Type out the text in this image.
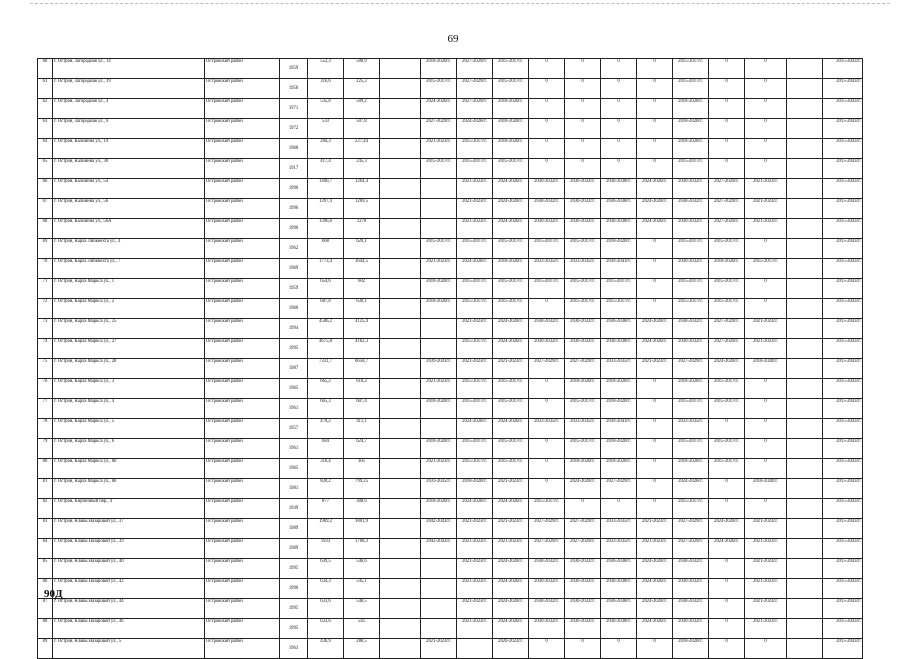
69
60	г. Остров, Загородная ул., 14	Островский район	1959	552,3	500,9		2018-2020гг.	2027-2029гг.	2015-2017гг.	0	0	0	0	2015-2017гг.	0	0		2015-2043гг.
61	г. Остров, Загородная ул., 19	Островский район	1958	316,6	225,3		2015-2017гг.	2027-2029гг.	2015-2017гг.	0	0	0	0	2015-2017гг.	0	0		2015-2043гг.
62	г. Остров, Загородная ул., 4	Островский район	1971	535,8	509,2		2024-2026гг.	2027-2029гг.	2018-2020гг.	0	0	0	0	2018-2020гг.	0	0		2015-2043гг.
63	г. Остров, Загородная ул., 6	Островский район	1972	533	507,8		2027-2029гг.	2024-2026гг.	2018-2020гг.	0	0	0	0	2018-2020гг.	0	0		2015-2043гг.
64	г. Остров, Калинина ул., 14	Островский район	1968	284,3	227,44		2021-2023гг.	2015-2017гг.	2018-2020гг.	0	0	0	0	2018-2020гг.	0	0		2015-2043гг.
65	г. Остров, Калинина ул., 30	Островский район	1917	417,4	245,3		2015-2017гг.	2015-2017гг.	2015-2017гг.	0	0	0	0	2015-2017гг.	0	0		2015-2043гг.
66	г. Остров, Калинина ул., 54	Островский район	1996	1400,7	1264,4			2021-2023гг.	2024-2026гг.	2030-2032гг.	2030-2032гг.	2036-2038гг.	2024-2026гг.	2030-2032гг.	2027-2029гг.	2021-2023гг.		2015-2043гг.
67	г. Остров, Калинина ул., 56	Островский район	1996	1397,4	1269,5			2021-2023гг.	2024-2026гг.	2030-2032гг.	2030-2032гг.	2036-2038гг.	2024-2026гг.	2030-2032гг.	2027-2029гг.	2021-2023гг.		2015-2043гг.
68	г. Остров, Калинина ул., 56А	Островский район	1996	1396,6	1270			2021-2023гг.	2024-2026гг.	2030-2032гг.	2030-2032гг.	2036-2038гг.	2024-2026гг.	2030-2032гг.	2027-2029гг.	2021-2023гг.		2015-2043гг.
69	г. Остров, Карла Либкнехта ул., 4	Островский район	1962	668	620,1		2015-2017гг.	2015-2017гг.	2015-2017гг.	2015-2017гг.	2015-2017гг.	2018-2020гг.	0	2015-2017гг.	2015-2017гг.	0		2015-2043гг.
70	г. Остров, Карла Либкнехта ул., 7	Островский район	1969	1773,4	1644,5		2021-2023гг.	2024-2026гг.	2018-2020гг.	2033-2035гг.	2033-2035гг.	2039-2041гг.	0	2030-2032гг.	2018-2020гг.	2015-2017гг.		2015-2043гг.
71	г. Остров, Карла Маркса ул., 1	Островский район	1959	654,6	602		2018-2020гг.	2015-2017гг.	2015-2017гг.	2015-2017гг.	2015-2017гг.	2015-2017гг.	0	2015-2017гг.	2015-2017гг.	0		2015-2043гг.
72	г. Остров, Карла Маркса ул., 2	Островский район	1960	687,8	630,1		2018-2020гг.	2015-2017гг.	2015-2017гг.	0	2015-2017гг.	2015-2017гг.	0	2015-2017гг.	2015-2017гг.	0		2015-2043гг.
73	г. Остров, Карла Маркса ул., 25	Островский район	1994	4506,2	4125,4			2021-2023гг.	2024-2026гг.	2030-2032гг.	2030-2032гг.	2036-2038гг.	2024-2026гг.	2030-2032гг.	2027-2029гг.	2021-2023гг.		2015-2043гг.
74	г. Остров, Карла Маркса ул., 27	Островский район	1995	4675,8	4182,3			2015-2017гг.	2024-2026гг.	2030-2032гг.	2030-2032гг.	2036-2038гг.	2024-2026гг.	2030-2032гг.	2027-2029гг.	2021-2023гг.		2015-2043гг.
75	г. Остров, Карла Маркса ул., 28	Островский район	1987	7331,7	6658,7		2039-2041гг.	2021-2023гг.	2021-2023гг.	2027-2029гг.	2027-2029гг.	2033-2035гг.	2021-2023гг.	2027-2029гг.	2024-2026гг.	2018-2020гг.		2015-2043гг.
76	г. Остров, Карла Маркса ул., 3	Островский район	1965	665,2	610,2		2021-2023гг.	2015-2017гг.	2015-2017гг.	0	2018-2020гг.	2018-2020гг.	0	2018-2020гг.	2015-2017гг.	0		2015-2043гг.
77	г. Остров, Карла Маркса ул., 4	Островский район	1961	665,3	607,4		2018-2020гг.	2015-2017гг.	2015-2017гг.	0	2015-2017гг.	2018-2020гг.	0	2015-2017гг.	2015-2017гг.	0		2015-2043гг.
78	г. Остров, Карла Маркса ул., 5	Островский район	1957	470,2	411,1			2024-2026гг.	2024-2026гг.	2033-2035гг.	2033-2035гг.	2039-2041гг.	0	2033-2035гг.	0	0		2015-2043гг.
79	г. Остров, Карла Маркса ул., 6	Островский район	1961	684	624,7		2018-2020гг.	2015-2017гг.	2015-2017гг.	0	2015-2017гг.	2018-2020гг.	0	2015-2017гг.	2015-2017гг.	0		2015-2043гг.
80	г. Остров, Карла Маркса ул., 8б	Островский район	1965	318,4	305		2021-2023гг.	2015-2017гг.	2015-2017гг.	0	2018-2020гг.	2018-2020гг.	0	2018-2020гг.	2015-2017гг.	0		2015-2043гг.
81	г. Остров, Карла Маркса ул., 8б	Островский район	1981	820,2	799,25		2033-2035гг.	2018-2020гг.	2021-2023гг.	0	2024-2026гг.	2027-2029гг.	0	2024-2026гг.	0	2018-2020гг.		2015-2043гг.
82	г. Остров, Кирпичный пер., 4	Островский район	1949	877	308,6		2018-2020гг.	2024-2026гг.	2024-2026гг.	2015-2017гг.	0	0	0	2015-2017гг.	0	0		2015-2043гг.
83	г. Остров, Клавы Назаровой ул., 37	Островский район	1989	1969,2	1801,9		2042-2043гг.	2021-2023гг.	2021-2023гг.	2027-2029гг.	2027-2029гг.	2033-2035гг.	2021-2023гг.	2027-2029гг.	2024-2026гг.	2021-2023гг.		2015-2043гг.
84	г. Остров, Клавы Назаровой ул., 39	Островский район	1989	1933	1768,3		2042-2043гг.	2021-2023гг.	2021-2023гг.	2027-2029гг.	2027-2029гг.	2033-2035гг.	2021-2023гг.	2027-2029гг.	2024-2026гг.	2021-2023гг.		2015-2043гг.
85	г. Остров, Клавы Назаровой ул., 40	Островский район	1995	639,5	546,6			2021-2023гг.	2024-2026гг.	2030-2032гг.	2030-2032гг.	2036-2038гг.	2024-2026гг.	2030-2032гг.	0	2021-2023гг.		2015-2043гг.
86	г. Остров, Клавы Назаровой ул., 42	Островский район	1996	634,3	545,1			2021-2023гг.	2024-2026гг.	2030-2032гг.	2030-2032гг.	2036-2038гг.	2024-2026гг.	2030-2032гг.	0	2021-2023гг.		2015-2043гг.
87	г. Остров, Клавы Назаровой ул., 44	Островский район	1995	633,6	546,5			2021-2023гг.	2024-2026гг.	2030-2032гг.	2030-2032гг.	2036-2038гг.	2024-2026гг.	2030-2032гг.	0	2021-2023гг.		2015-2043гг.
88	г. Остров, Клавы Назаровой ул., 46	Островский район	1995	633,6	545			2021-2023гг.	2024-2026гг.	2030-2032гг.	2030-2032гг.	2036-2038гг.	2024-2026гг.	2030-2032гг.	0	2021-2023гг.		2015-2043гг.
89	г. Остров, Клавы Назаровой ул., 5	Островский район	1963	436,9	286,5		2021-2023гг.		2020-2022гг.	0	0	0	0	2018-2020гг.	0	0		2015-2043гг.
90Д
